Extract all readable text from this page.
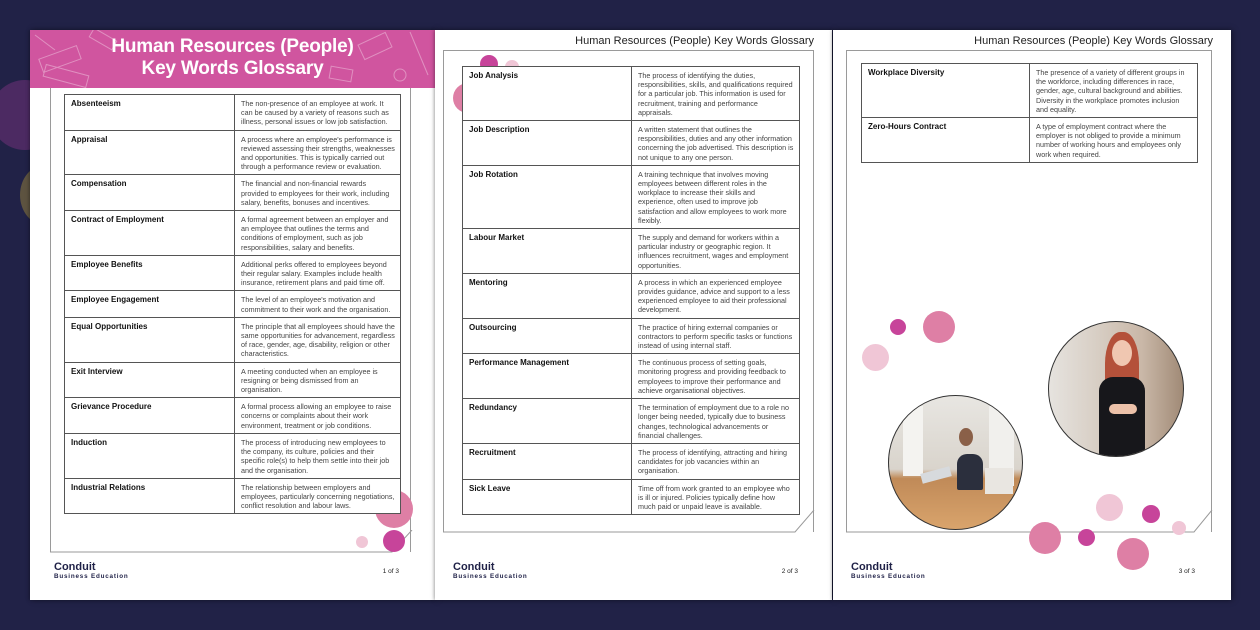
Human Resources (People)
Key Words Glossary
Absenteeism	The non-presence of an employee at work. It can be caused by a variety of reasons such as illness, personal issues or low job satisfaction.
Appraisal	A process where an employee's performance is reviewed assessing their strengths, weaknesses and opportunities. This is typically carried out through a performance review or evaluation.
Compensation	The financial and non-financial rewards provided to employees for their work, including salary, benefits, bonuses and incentives.
Contract of Employment	A formal agreement between an employer and an employee that outlines the terms and conditions of employment, such as job responsibilities, salary and benefits.
Employee Benefits	Additional perks offered to employees beyond their regular salary. Examples include health insurance, retirement plans and paid time off.
Employee Engagement	The level of an employee's motivation and commitment to their work and the organisation.
Equal Opportunities	The principle that all employees should have the same opportunities for advancement, regardless of race, gender, age, disability, religion or other characteristics.
Exit Interview	A meeting conducted when an employee is resigning or being dismissed from an organisation.
Grievance Procedure	A formal process allowing an employee to raise concerns or complaints about their work environment, treatment or job conditions.
Induction	The process of introducing new employees to the company, its culture, policies and their specific role(s) to help them settle into their job and the organisation.
Industrial Relations	The relationship between employers and employees, particularly concerning negotiations, conflict resolution and labour laws.
Conduit
Business Education
1 of 3
Human Resources (People) Key Words Glossary
Job Analysis	The process of identifying the duties, responsibilities, skills, and qualifications required for a particular job. This information is used for recruitment, training and performance appraisals.
Job Description	A written statement that outlines the responsibilities, duties and any other information concerning the job advertised. This description is not unique to any one person.
Job Rotation	A training technique that involves moving employees between different roles in the workplace to increase their skills and experience, often used to improve job satisfaction and allow employees to work more flexibly.
Labour Market	The supply and demand for workers within a particular industry or geographic region. It influences recruitment, wages and employment opportunities.
Mentoring	A process in which an experienced employee provides guidance, advice and support to a less experienced employee to aid their professional development.
Outsourcing	The practice of hiring external companies or contractors to perform specific tasks or functions instead of using internal staff.
Performance Management	The continuous process of setting goals, monitoring progress and providing feedback to employees to improve their performance and achieve organisational objectives.
Redundancy	The termination of employment due to a role no longer being needed, typically due to business changes, technological advancements or financial challenges.
Recruitment	The process of identifying, attracting and hiring candidates for job vacancies within an organisation.
Sick Leave	Time off from work granted to an employee who is ill or injured. Policies typically define how much paid or unpaid leave is available.
Conduit
Business Education
2 of 3
Human Resources (People) Key Words Glossary
Workplace Diversity	The presence of a variety of different groups in the workforce, including differences in race, gender, age, cultural background and abilities. Diversity in the workplace promotes inclusion and equality.
Zero-Hours Contract	A type of employment contract where the employer is not obliged to provide a minimum number of working hours and employees only work when required.
Conduit
Business Education
3 of 3
